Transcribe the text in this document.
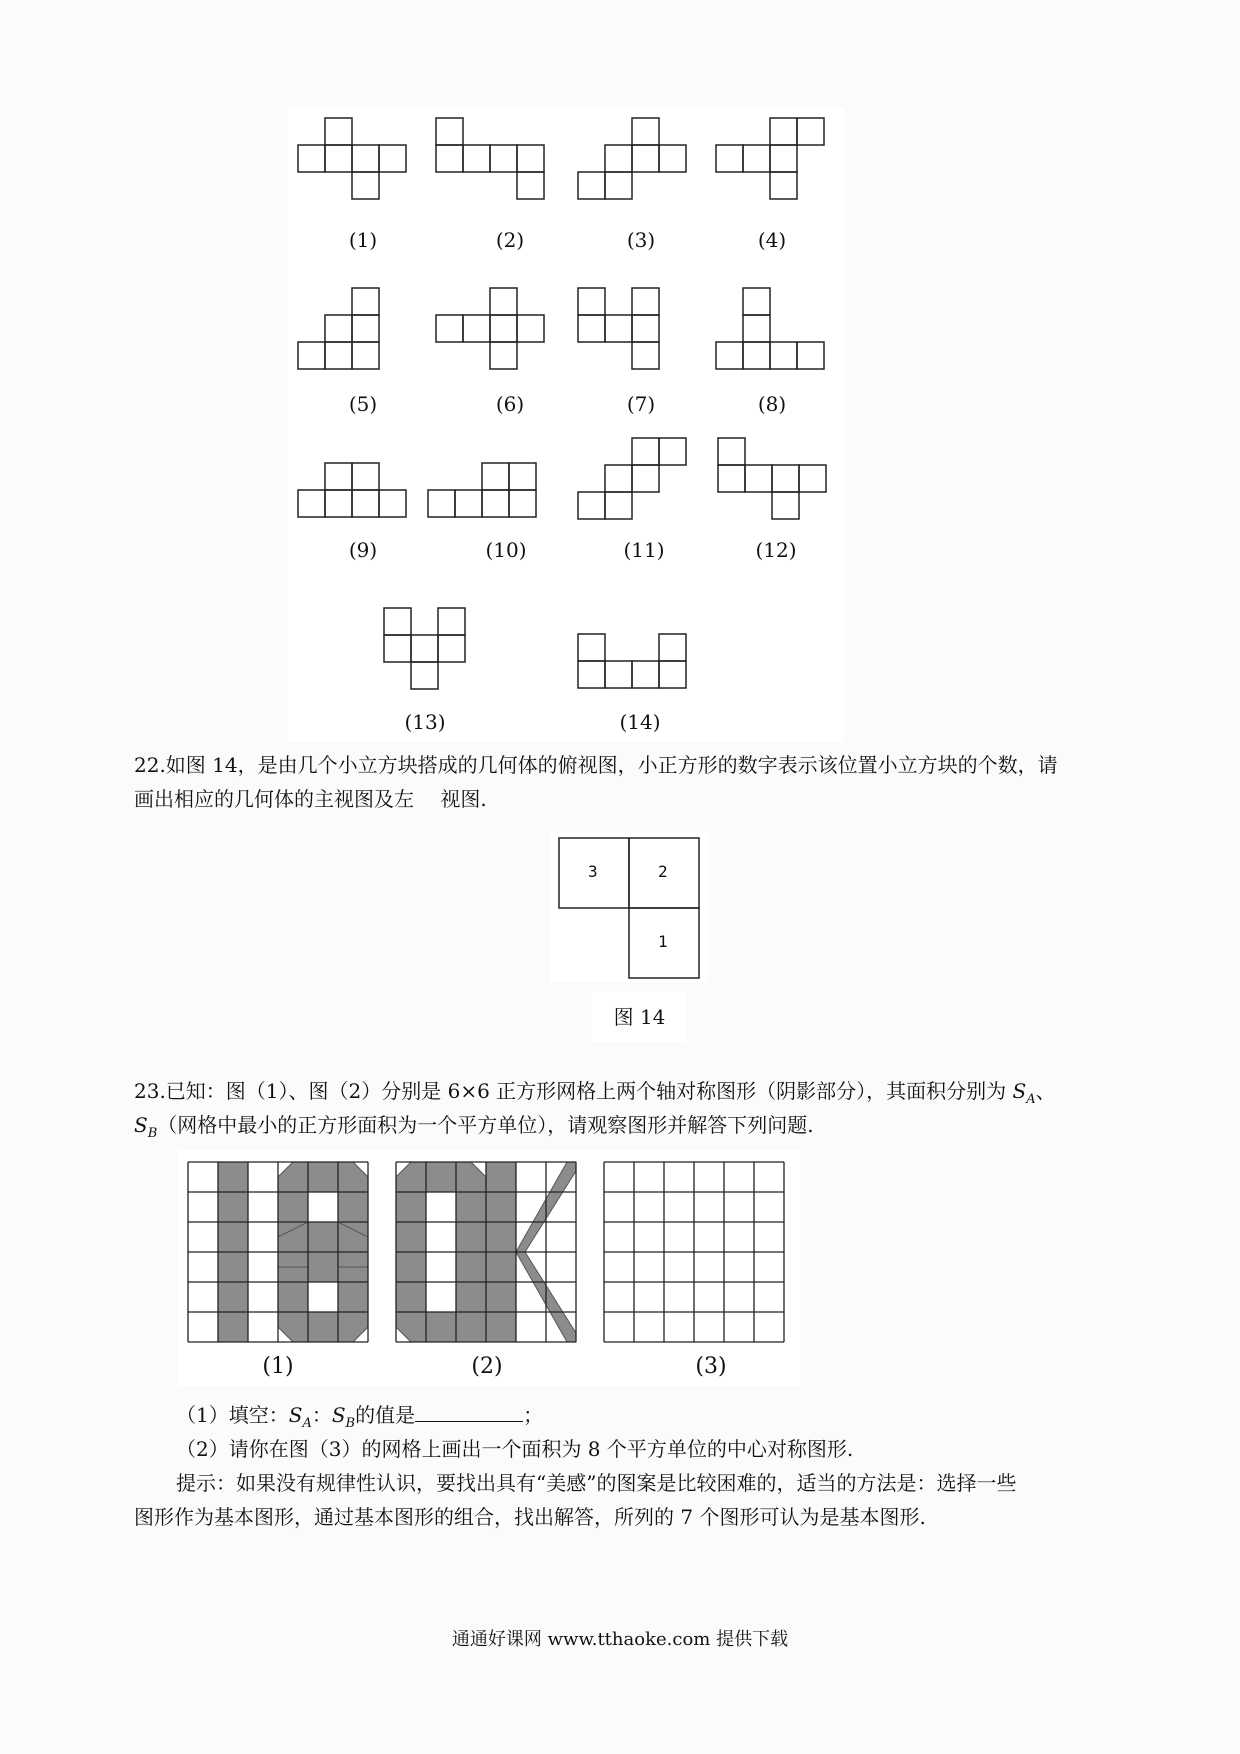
(1)	(2)	(3)	(4)
(5)	(6)	(7)	(8)
(9)	(10)	(11)	(12)
(13)	(14)
22.如图 14，是由几个小立方块搭成的几何体的俯视图，小正方形的数字表示该位置小立方块的个数，请
画出相应的几何体的主视图及左　 视图.
3	2
1
图 14
23.已知：图（1）、图（2）分别是 6×6 正方形网格上两个轴对称图形（阴影部分），其面积分别为 $S_A$、
$S_B$（网格中最小的正方形面积为一个平方单位），请观察图形并解答下列问题.
(1)	(2)	(3)
（1）填空：$S_A$：$S_B$的值是	；
（2）请你在图（3）的网格上画出一个面积为 8 个平方单位的中心对称图形.
提示：如果没有规律性认识，要找出具有“美感”的图案是比较困难的，适当的方法是：选择一些
图形作为基本图形，通过基本图形的组合，找出解答，所列的 7 个图形可认为是基本图形.
通通好课网 www.tthaoke.com 提供下载
